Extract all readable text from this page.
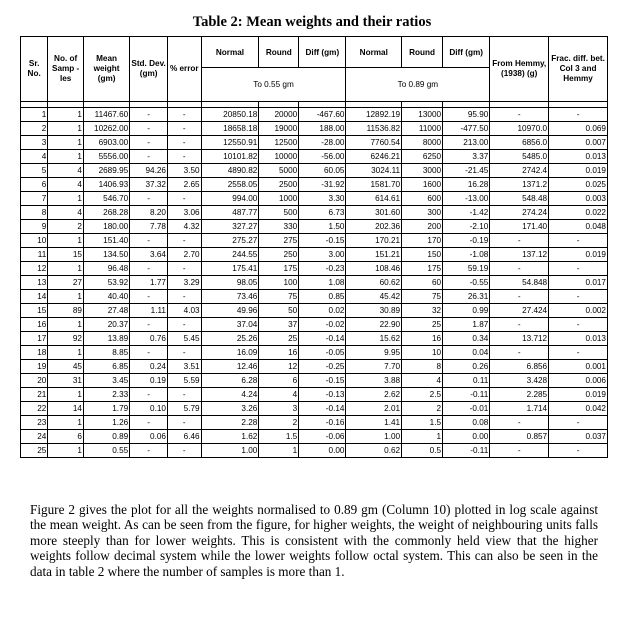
Table 2: Mean weights and their ratios
Sr. No.	No. of Samp -les	Mean weight (gm)	Std. Dev. (gm)	% error	Normal	Round	Diff (gm)	Normal	Round	Diff (gm)	From Hemmy, (1938) (g)	Frac. diff. bet. Col 3 and Hemmy
					To 0.55 gm			To 0.89 gm				

1	1	11467.60	-	-	20850.18	20000	-467.60	12892.19	13000	95.90	-	-
2	1	10262.00	-	-	18658.18	19000	188.00	11536.82	11000	-477.50	10970.0	0.069
3	1	6903.00	-	-	12550.91	12500	-28.00	7760.54	8000	213.00	6856.0	0.007
4	1	5556.00	-	-	10101.82	10000	-56.00	6246.21	6250	3.37	5485.0	0.013
5	4	2689.95	94.26	3.50	4890.82	5000	60.05	3024.11	3000	-21.45	2742.4	0.019
6	4	1406.93	37.32	2.65	2558.05	2500	-31.92	1581.70	1600	16.28	1371.2	0.025
7	1	546.70	-	-	994.00	1000	3.30	614.61	600	-13.00	548.48	0.003
8	4	268.28	8.20	3.06	487.77	500	6.73	301.60	300	-1.42	274.24	0.022
9	2	180.00	7.78	4.32	327.27	330	1.50	202.36	200	-2.10	171.40	0.048
10	1	151.40	-	-	275.27	275	-0.15	170.21	170	-0.19	-	-
11	15	134.50	3.64	2.70	244.55	250	3.00	151.21	150	-1.08	137.12	0.019
12	1	96.48	-	-	175.41	175	-0.23	108.46	175	59.19	-	-
13	27	53.92	1.77	3.29	98.05	100	1.08	60.62	60	-0.55	54.848	0.017
14	1	40.40	-	-	73.46	75	0.85	45.42	75	26.31	-	-
15	89	27.48	1.11	4.03	49.96	50	0.02	30.89	32	0.99	27.424	0.002
16	1	20.37	-	-	37.04	37	-0.02	22.90	25	1.87	-	-
17	92	13.89	0.76	5.45	25.26	25	-0.14	15.62	16	0.34	13.712	0.013
18	1	8.85	-	-	16.09	16	-0.05	9.95	10	0.04	-	-
19	45	6.85	0.24	3.51	12.46	12	-0.25	7.70	8	0.26	6.856	0.001
20	31	3.45	0.19	5.59	6.28	6	-0.15	3.88	4	0.11	3.428	0.006
21	1	2.33	-	-	4.24	4	-0.13	2.62	2.5	-0.11	2.285	0.019
22	14	1.79	0.10	5.79	3.26	3	-0.14	2.01	2	-0.01	1.714	0.042
23	1	1.26	-	-	2.28	2	-0.16	1.41	1.5	0.08	-	-
24	6	0.89	0.06	6.46	1.62	1.5	-0.06	1.00	1	0.00	0.857	0.037
25	1	0.55	-	-	1.00	1	0.00	0.62	0.5	-0.11	-	-
Figure 2 gives the plot for all the weights normalised to 0.89 gm (Column 10) plotted in log scale against the mean weight. As can be seen from the figure, for higher weights, the weight of neighbouring units falls more steeply than for lower weights. This is consistent with the commonly held view that the higher weights follow decimal system while the lower weights follow octal system. This can also be seen in the data in table 2 where the number of samples is more than 1.
